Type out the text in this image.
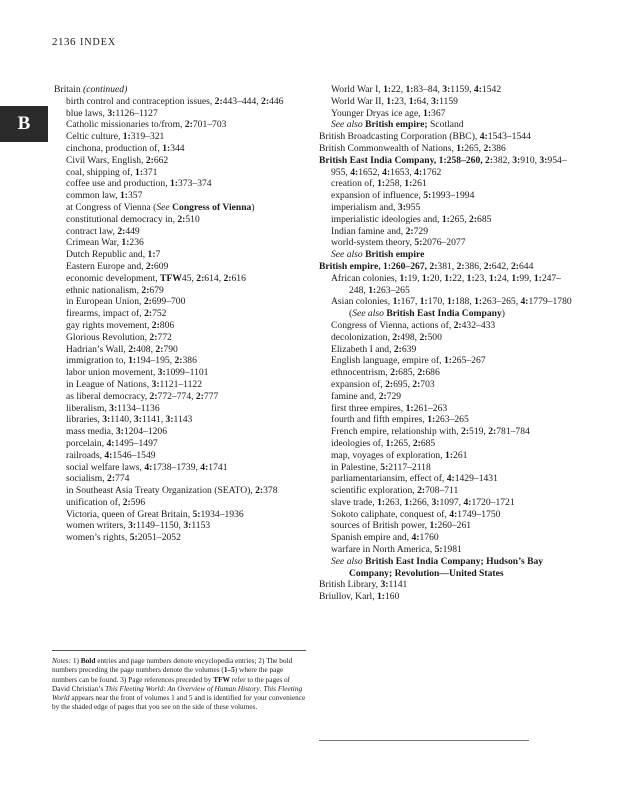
2136 INDEX
B
Britain (continued)
birth control and contraception issues, 2:443–444, 2:446
blue laws, 3:1126–1127
Catholic missionaries to/from, 2:701–703
Celtic culture, 1:319–321
cinchona, production of, 1:344
Civil Wars, English, 2:662
coal, shipping of, 1:371
coffee use and production, 1:373–374
common law, 1:357
at Congress of Vienna (See Congress of Vienna)
constitutional democracy in, 2:510
contract law, 2:449
Crimean War, 1:236
Dutch Republic and, 1:7
Eastern Europe and, 2:609
economic development, TFW45, 2:614, 2:616
ethnic nationalism, 2:679
in European Union, 2:699–700
firearms, impact of, 2:752
gay rights movement, 2:806
Glorious Revolution, 2:772
Hadrian’s Wall, 2:408, 2:790
immigration to, 1:194–195, 2:386
labor union movement, 3:1099–1101
in League of Nations, 3:1121–1122
as liberal democracy, 2:772–774, 2:777
liberalism, 3:1134–1136
libraries, 3:1140, 3:1141, 3:1143
mass media, 3:1204–1206
porcelain, 4:1495–1497
railroads, 4:1546–1549
social welfare laws, 4:1738–1739, 4:1741
socialism, 2:774
in Southeast Asia Treaty Organization (SEATO), 2:378
unification of, 2:596
Victoria, queen of Great Britain, 5:1934–1936
women writers, 3:1149–1150, 3:1153
women’s rights, 5:2051–2052
World War I, 1:22, 1:83–84, 3:1159, 4:1542
World War II, 1:23, 1:64, 3:1159
Younger Dryas ice age, 1:367
See also British empire; Scotland
British Broadcasting Corporation (BBC), 4:1543–1544
British Commonwealth of Nations, 1:265, 2:386
British East India Company, 1:258–260, 2:382, 3:910, 3:954–955, 4:1652, 4:1653, 4:1762
creation of, 1:258, 1:261
expansion of influence, 5:1993–1994
imperialism and, 3:955
imperialistic ideologies and, 1:265, 2:685
Indian famine and, 2:729
world-system theory, 5:2076–2077
See also British empire
British empire, 1:260–267, 2:381, 2:386, 2:642, 2:644
African colonies, 1:19, 1:20, 1:22, 1:23, 1:24, 1:99, 1:247–248, 1:263–265
Asian colonies, 1:167, 1:170, 1:188, 1:263–265, 4:1779–1780 (See also British East India Company)
Congress of Vienna, actions of, 2:432–433
decolonization, 2:498, 2:500
Elizabeth I and, 2:639
English language, empire of, 1:265–267
ethnocentrism, 2:685, 2:686
expansion of, 2:695, 2:703
famine and, 2:729
first three empires, 1:261–263
fourth and fifth empires, 1:263–265
French empire, relationship with, 2:519, 2:781–784
ideologies of, 1:265, 2:685
map, voyages of exploration, 1:261
in Palestine, 5:2117–2118
parliamentariansim, effect of, 4:1429–1431
scientific exploration, 2:708–711
slave trade, 1:263, 1:266, 3:1097, 4:1720–1721
Sokoto caliphate, conquest of, 4:1749–1750
sources of British power, 1:260–261
Spanish empire and, 4:1760
warfare in North America, 5:1981
See also British East India Company; Hudson’s Bay Company; Revolution—United States
British Library, 3:1141
Briullov, Karl, 1:160
Notes: 1) Bold entries and page numbers denote encyclopedia entries; 2) The bold numbers preceding the page numbers denote the volumes (1–5) where the page numbers can be found. 3) Page references preceded by TFW refer to the pages of David Christian’s This Fleeting World: An Overview of Human History. This Fleeting World appears near the front of volumes 1 and 5 and is identified for your convenience by the shaded edge of pages that you see on the side of these volumes.
